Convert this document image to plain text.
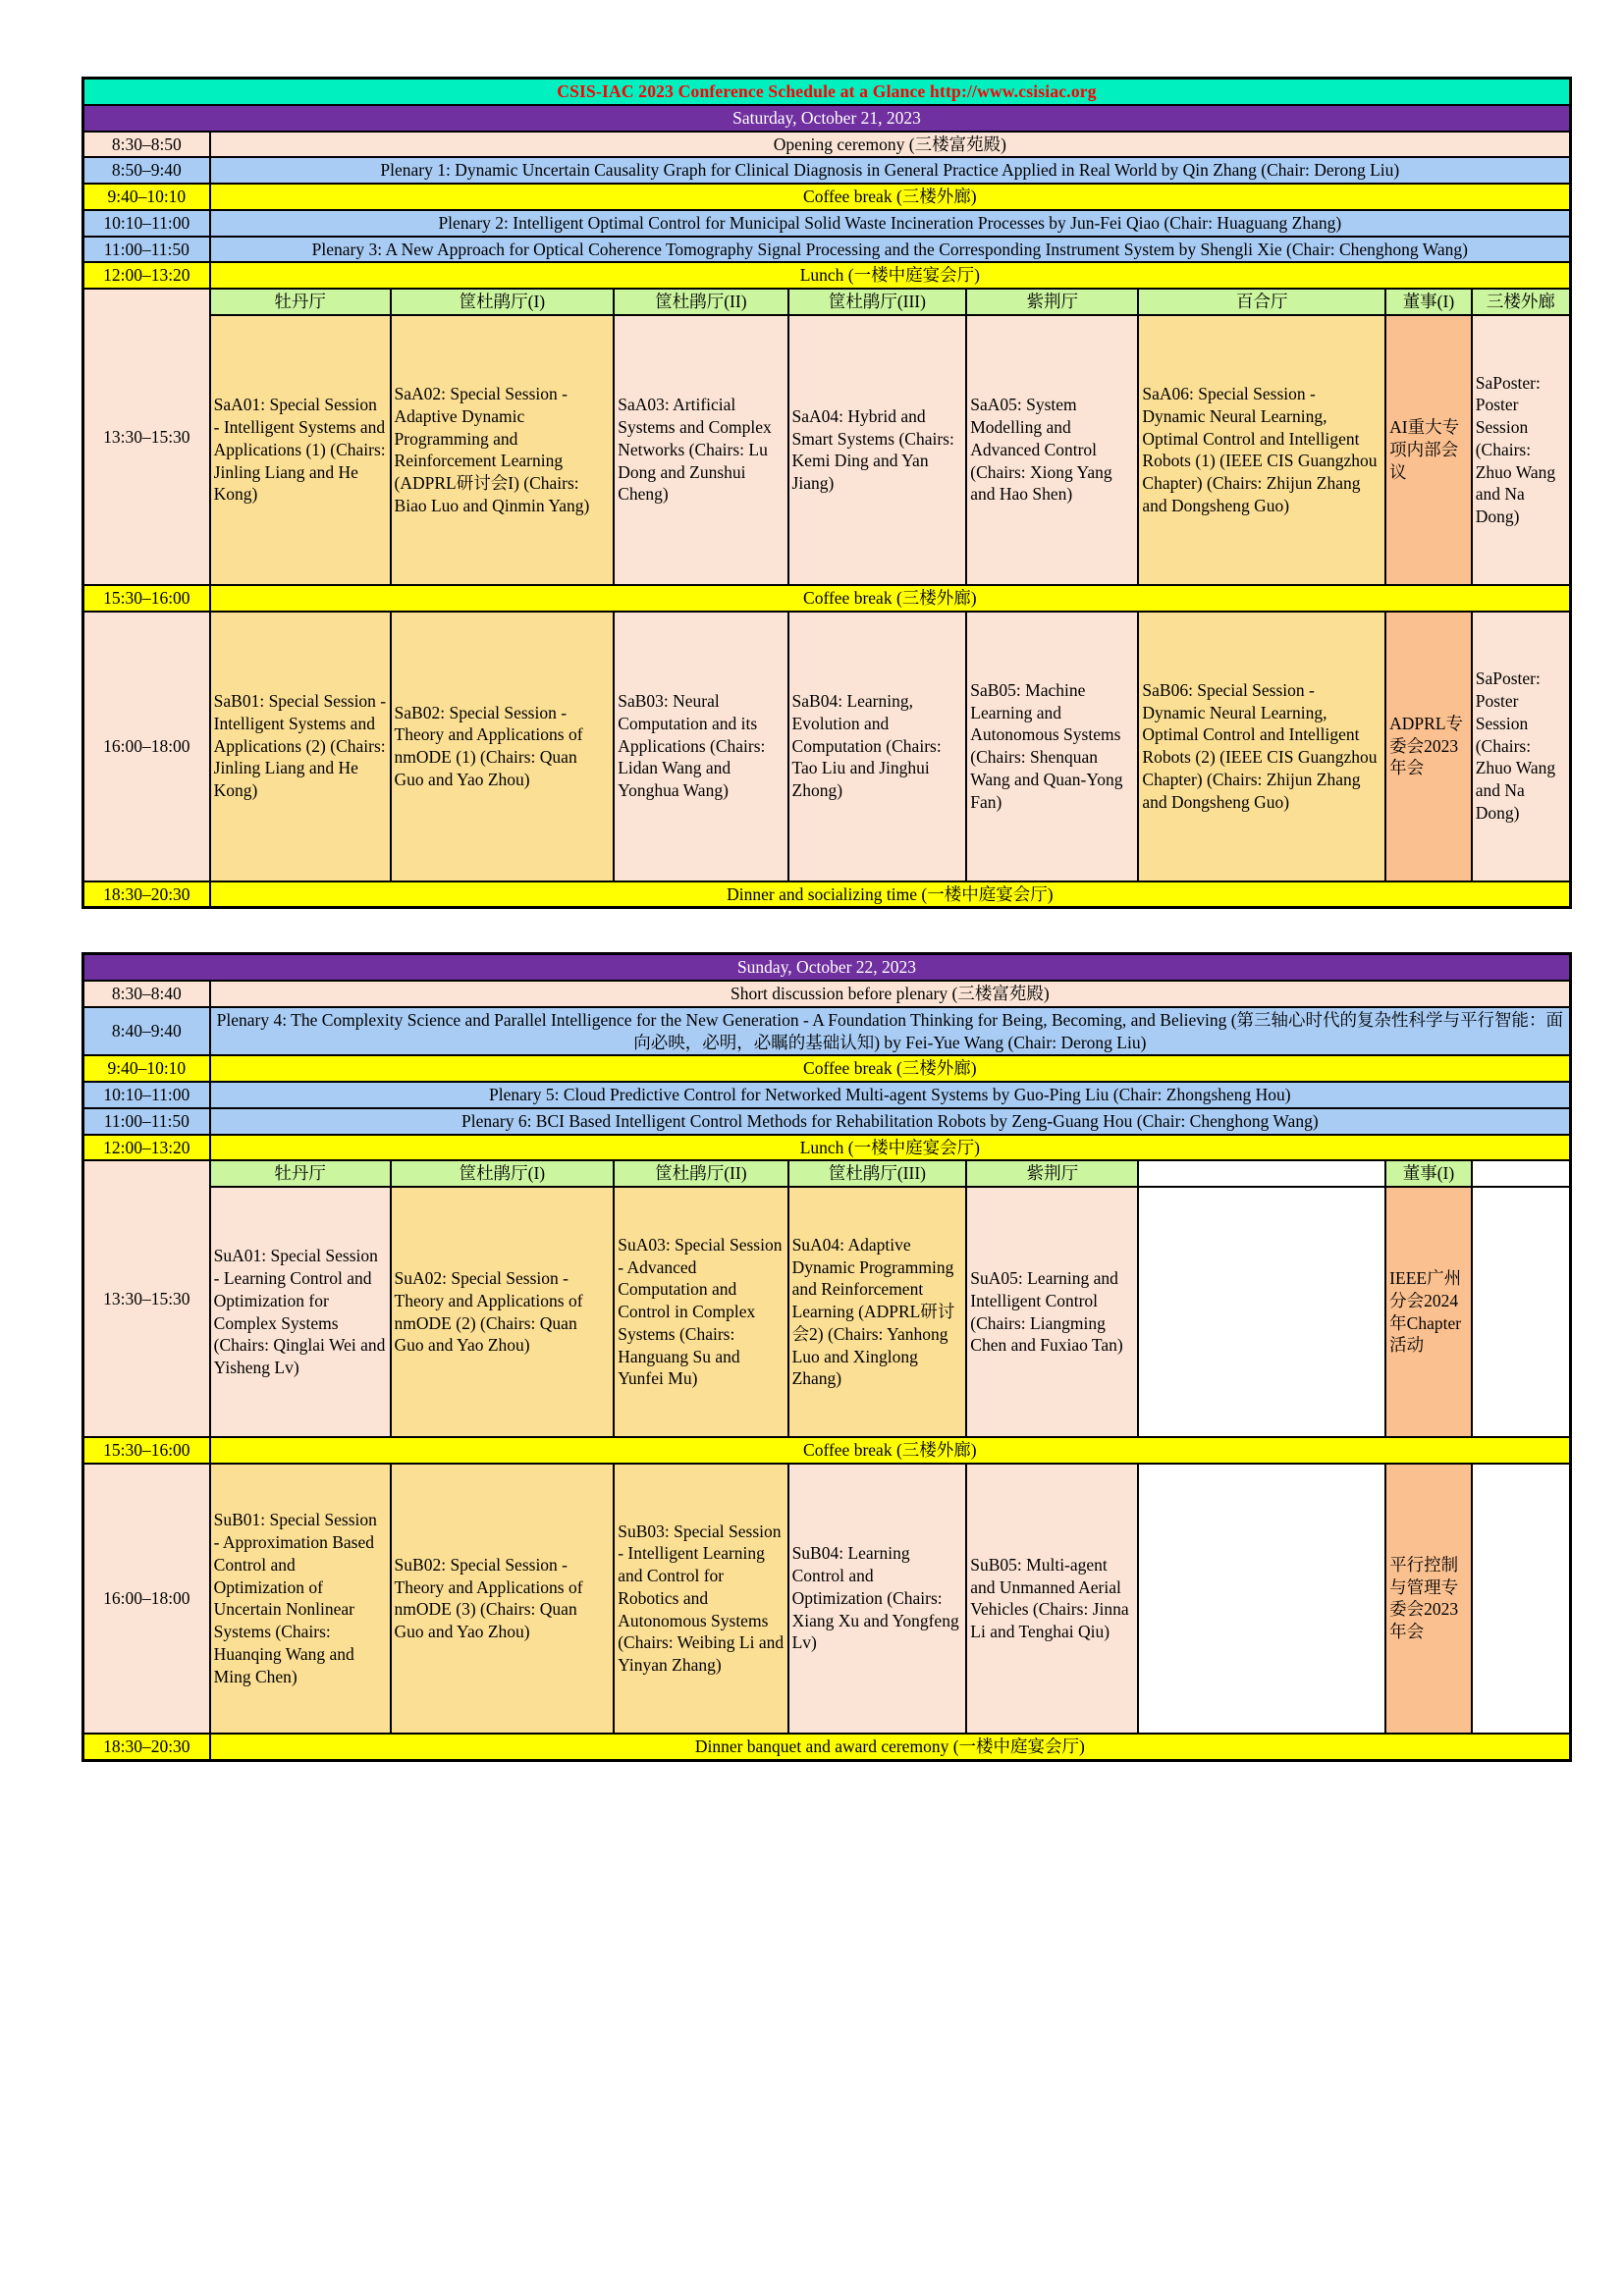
CSIS-IAC 2023 Conference Schedule at a Glance http://www.csisiac.org								
Saturday, October 21, 2023								
8:30–8:50	Opening ceremony (三楼富苑殿)							
8:50–9:40	Plenary 1: Dynamic Uncertain Causality Graph for Clinical Diagnosis in General Practice Applied in Real World by Qin Zhang (Chair: Derong Liu)							
9:40–10:10	Coffee break (三楼外廊)							
10:10–11:00	Plenary 2: Intelligent Optimal Control for Municipal Solid Waste Incineration Processes by Jun-Fei Qiao (Chair: Huaguang Zhang)							
11:00–11:50	Plenary 3: A New Approach for Optical Coherence Tomography Signal Processing and the Corresponding Instrument System by Shengli Xie (Chair: Chenghong Wang)							
12:00–13:20	Lunch (一楼中庭宴会厅)							
13:30–15:30	牡丹厅	筐杜鹃厅(I)	筐杜鹃厅(II)	筐杜鹃厅(III)	紫荆厅	百合厅	董事(I)	三楼外廊
	SaA01: Special Session - Intelligent Systems and Applications (1) (Chairs: Jinling Liang and He Kong)	SaA02: Special Session - Adaptive Dynamic Programming and Reinforcement Learning (ADPRL研讨会I) (Chairs: Biao Luo and Qinmin Yang)	SaA03: Artificial Systems and Complex Networks (Chairs: Lu Dong and Zunshui Cheng)	SaA04: Hybrid and Smart Systems (Chairs: Kemi Ding and Yan Jiang)	SaA05: System Modelling and Advanced Control (Chairs: Xiong Yang and Hao Shen)	SaA06: Special Session - Dynamic Neural Learning, Optimal Control and Intelligent Robots (1) (IEEE CIS Guangzhou Chapter) (Chairs: Zhijun Zhang and Dongsheng Guo)	AI重大专项内部会议	SaPoster: Poster Session (Chairs: Zhuo Wang and Na Dong)
15:30–16:00	Coffee break (三楼外廊)							
16:00–18:00	SaB01: Special Session - Intelligent Systems and Applications (2) (Chairs: Jinling Liang and He Kong)	SaB02: Special Session - Theory and Applications of nmODE (1) (Chairs: Quan Guo and Yao Zhou)	SaB03: Neural Computation and its Applications (Chairs: Lidan Wang and Yonghua Wang)	SaB04: Learning, Evolution and Computation (Chairs: Tao Liu and Jinghui Zhong)	SaB05: Machine Learning and Autonomous Systems (Chairs: Shenquan Wang and Quan-Yong Fan)	SaB06: Special Session - Dynamic Neural Learning, Optimal Control and Intelligent Robots (2) (IEEE CIS Guangzhou Chapter) (Chairs: Zhijun Zhang and Dongsheng Guo)	ADPRL专委会2023年会	SaPoster: Poster Session (Chairs: Zhuo Wang and Na Dong)
18:30–20:30	Dinner and socializing time (一楼中庭宴会厅)							
Sunday, October 22, 2023								
8:30–8:40	Short discussion before plenary (三楼富苑殿)							
8:40–9:40	Plenary 4: The Complexity Science and Parallel Intelligence for the New Generation - A Foundation Thinking for Being, Becoming, and Believing (第三轴心时代的复杂性科学与平行智能：面向必映，必明，必瞩的基础认知) by Fei-Yue Wang (Chair: Derong Liu)							
9:40–10:10	Coffee break (三楼外廊)							
10:10–11:00	Plenary 5: Cloud Predictive Control for Networked Multi-agent Systems by Guo-Ping Liu (Chair: Zhongsheng Hou)							
11:00–11:50	Plenary 6: BCI Based Intelligent Control Methods for Rehabilitation Robots by Zeng-Guang Hou (Chair: Chenghong Wang)							
12:00–13:20	Lunch (一楼中庭宴会厅)							
13:30–15:30	牡丹厅	筐杜鹃厅(I)	筐杜鹃厅(II)	筐杜鹃厅(III)	紫荆厅		董事(I)	
	SuA01: Special Session - Learning Control and Optimization for Complex Systems (Chairs: Qinglai Wei and Yisheng Lv)	SuA02: Special Session - Theory and Applications of nmODE (2) (Chairs: Quan Guo and Yao Zhou)	SuA03: Special Session - Advanced Computation and Control in Complex Systems (Chairs: Hanguang Su and Yunfei Mu)	SuA04: Adaptive Dynamic Programming and Reinforcement Learning (ADPRL研讨会2) (Chairs: Yanhong Luo and Xinglong Zhang)	SuA05: Learning and Intelligent Control (Chairs: Liangming Chen and Fuxiao Tan)		IEEE广州分会2024年Chapter活动	
15:30–16:00	Coffee break (三楼外廊)							
16:00–18:00	SuB01: Special Session - Approximation Based Control and Optimization of Uncertain Nonlinear Systems (Chairs: Huanqing Wang and Ming Chen)	SuB02: Special Session - Theory and Applications of nmODE (3) (Chairs: Quan Guo and Yao Zhou)	SuB03: Special Session - Intelligent Learning and Control for Robotics and Autonomous Systems (Chairs: Weibing Li and Yinyan Zhang)	SuB04: Learning Control and Optimization (Chairs: Xiang Xu and Yongfeng Lv)	SuB05: Multi-agent and Unmanned Aerial Vehicles (Chairs: Jinna Li and Tenghai Qiu)		平行控制与管理专委会2023年会	
18:30–20:30	Dinner banquet and award ceremony (一楼中庭宴会厅)							
